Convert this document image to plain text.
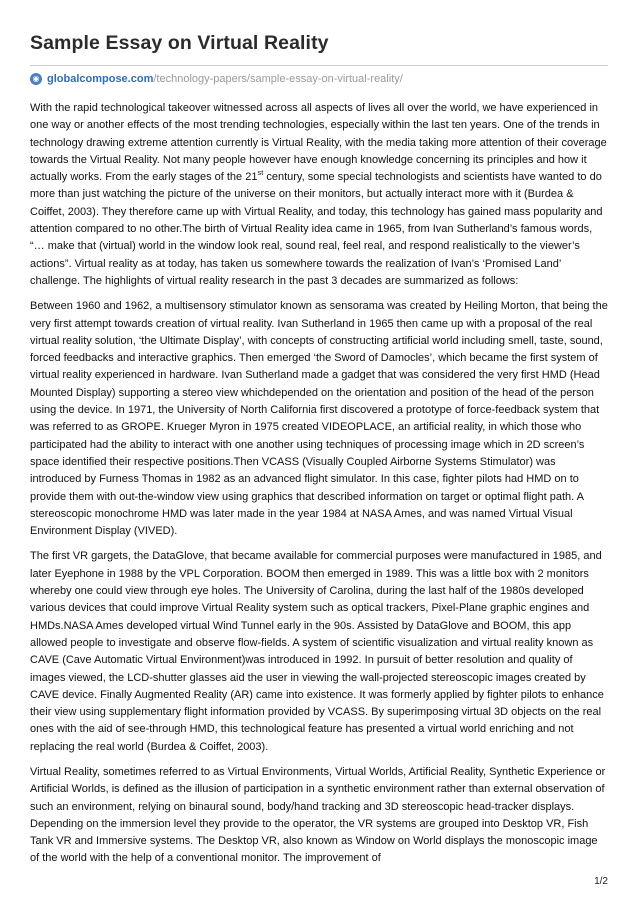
Sample Essay on Virtual Reality
◉ globalcompose.com /technology-papers/sample-essay-on-virtual-reality/

With the rapid technological takeover witnessed across all aspects of lives all over the world, we have experienced in one way or another effects of the most trending technologies, especially within the last ten years. One of the trends in technology drawing extreme attention currently is Virtual Reality, with the media taking more attention of their coverage towards the Virtual Reality. Not many people however have enough knowledge concerning its principles and how it actually works. From the early stages of the 21st century, some special technologists and scientists have wanted to do more than just watching the picture of the universe on their monitors, but actually interact more with it (Burdea & Coiffet, 2003). They therefore came up with Virtual Reality, and today, this technology has gained mass popularity and attention compared to no other.The birth of Virtual Reality idea came in 1965, from Ivan Sutherland’s famous words, “… make that (virtual) world in the window look real, sound real, feel real, and respond realistically to the viewer’s actions”. Virtual reality as at today, has taken us somewhere towards the realization of Ivan’s ‘Promised Land’ challenge. The highlights of virtual reality research in the past 3 decades are summarized as follows:

Between 1960 and 1962, a multisensory stimulator known as sensorama was created by Heiling Morton, that being the very first attempt towards creation of virtual reality. Ivan Sutherland in 1965 then came up with a proposal of the real virtual reality solution, ‘the Ultimate Display’, with concepts of constructing artificial world including smell, taste, sound, forced feedbacks and interactive graphics. Then emerged ‘the Sword of Damocles’, which became the first system of virtual reality experienced in hardware. Ivan Sutherland made a gadget that was considered the very first HMD (Head Mounted Display) supporting a stereo view whichdepended on the orientation and position of the head of the person using the device. In 1971, the University of North California first discovered a prototype of force-feedback system that was referred to as GROPE. Krueger Myron in 1975 created VIDEOPLACE, an artificial reality, in which those who participated had the ability to interact with one another using techniques of processing image which in 2D screen’s space identified their respective positions.Then VCASS (Visually Coupled Airborne Systems Stimulator) was introduced by Furness Thomas in 1982 as an advanced flight simulator. In this case, fighter pilots had HMD on to provide them with out-the-window view using graphics that described information on target or optimal flight path. A stereoscopic monochrome HMD was later made in the year 1984 at NASA Ames, and was named Virtual Visual Environment Display (VIVED).

The first VR gargets, the DataGlove, that became available for commercial purposes were manufactured in 1985, and later Eyephone in 1988 by the VPL Corporation. BOOM then emerged in 1989. This was a little box with 2 monitors whereby one could view through eye holes. The University of Carolina, during the last half of the 1980s developed various devices that could improve Virtual Reality system such as optical trackers, Pixel-Plane graphic engines and HMDs.NASA Ames developed virtual Wind Tunnel early in the 90s. Assisted by DataGlove and BOOM, this app allowed people to investigate and observe flow-fields. A system of scientific visualization and virtual reality known as CAVE (Cave Automatic Virtual Environment)was introduced in 1992. In pursuit of better resolution and quality of images viewed, the LCD-shutter glasses aid the user in viewing the wall-projected stereoscopic images created by CAVE device. Finally Augmented Reality (AR) came into existence. It was formerly applied by fighter pilots to enhance their view using supplementary flight information provided by VCASS. By superimposing virtual 3D objects on the real ones with the aid of see-through HMD, this technological feature has presented a virtual world enriching and not replacing the real world (Burdea & Coiffet, 2003).

Virtual Reality, sometimes referred to as Virtual Environments, Virtual Worlds, Artificial Reality, Synthetic Experience or Artificial Worlds, is defined as the illusion of participation in a synthetic environment rather than external observation of such an environment, relying on binaural sound, body/hand tracking and 3D stereoscopic head-tracker displays. Depending on the immersion level they provide to the operator, the VR systems are grouped into Desktop VR, Fish Tank VR and Immersive systems. The Desktop VR, also known as Window on World displays the monoscopic image of the world with the help of a conventional monitor. The improvement of

1/2
